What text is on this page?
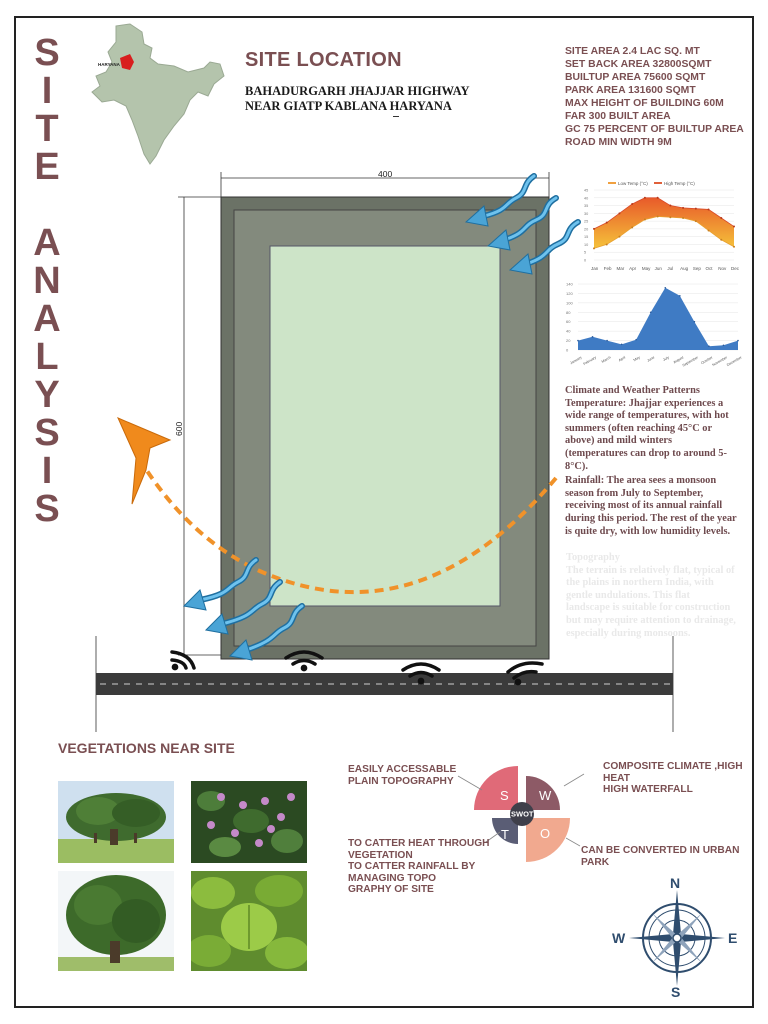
S
I
T
E
A
N
A
L
Y
S
I
S
HARYANA	SITE LOCATION
BAHADURGARH JHAJJAR HIGHWAY
NEAR GIATP KABLANA HARYANA
SITE AREA 2.4 LAC SQ. MT
SET BACK AREA 32800SQMT
BUILTUP AREA 75600 SQMT
PARK AREA 131600 SQMT
MAX HEIGHT OF BUILDING 60M
FAR 300 BUILT AREA
GC 75 PERCENT OF BUILTUP AREA
ROAD MIN WIDTH 9M
400
600
Low Temp (°C)	High Temp (°C)
0
5
10
15
20
25
30
35
40
45
Jan Feb Mar Apr May Jun Jul Aug Sep Oct Nov Dec
0
20
40
60
80
100
120
140
January February March April May June July August
September October
November
December
Climate and Weather Patterns
Temperature: Jhajjar experiences a wide range of temperatures, with hot summers (often reaching 45°C or above) and mild winters (temperatures can drop to around 5-8°C).
Rainfall: The area sees a monsoon season from July to September, receiving most of its annual rainfall during this period. The rest of the year is quite dry, with low humidity levels.
Topography
The terrain is relatively flat, typical of the plains in northern India, with gentle undulations. This flat landscape is suitable for construction but may require attention to drainage, especially during monsoons.
VEGETATIONS NEAR SITE
SWOT
S W
T O
EASILY ACCESSABLE
PLAIN TOPOGRAPHY
COMPOSITE CLIMATE ,HIGH
HEAT
HIGH WATERFALL
TO CATTER HEAT THROUGH
VEGETATION
TO CATTER RAINFALL BY
MANAGING TOPO
GRAPHY OF SITE
CAN BE CONVERTED IN URBAN
PARK
N
S
W	E
